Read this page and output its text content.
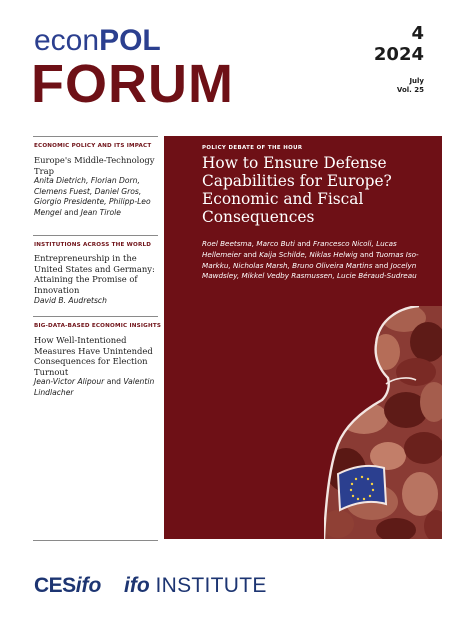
econPOL
FORUM
4
2024
July
Vol. 25
ECONOMIC POLICY AND ITS IMPACT
Europe's Middle-Technology Trap
Anita Dietrich, Florian Dorn, Clemens Fuest, Daniel Gros, Giorgio Presidente, Philipp-Leo Mengel and Jean Tirole
INSTITUTIONS ACROSS THE WORLD
Entrepreneurship in the United States and Germany: Attaining the Promise of Innovation
David B. Audretsch
BIG-DATA-BASED ECONOMIC INSIGHTS
How Well-Intentioned Measures Have Unintended Consequences for Election Turnout
Jean-Victor Alipour and Valentin Lindlacher
POLICY DEBATE OF THE HOUR
How to Ensure Defense Capabilities for Europe? Economic and Fiscal Consequences
Roel Beetsma, Marco Buti and Francesco Nicoli, Lucas Hellemeier and Kaija Schilde, Niklas Helwig and Tuomas Iso-Markku, Nicholas Marsh, Bruno Oliveira Martins and Jocelyn Mawdsley, Mikkel Vedby Rasmussen, Lucie Béraud-Sudreau
CESifo ifo INSTITUTE
